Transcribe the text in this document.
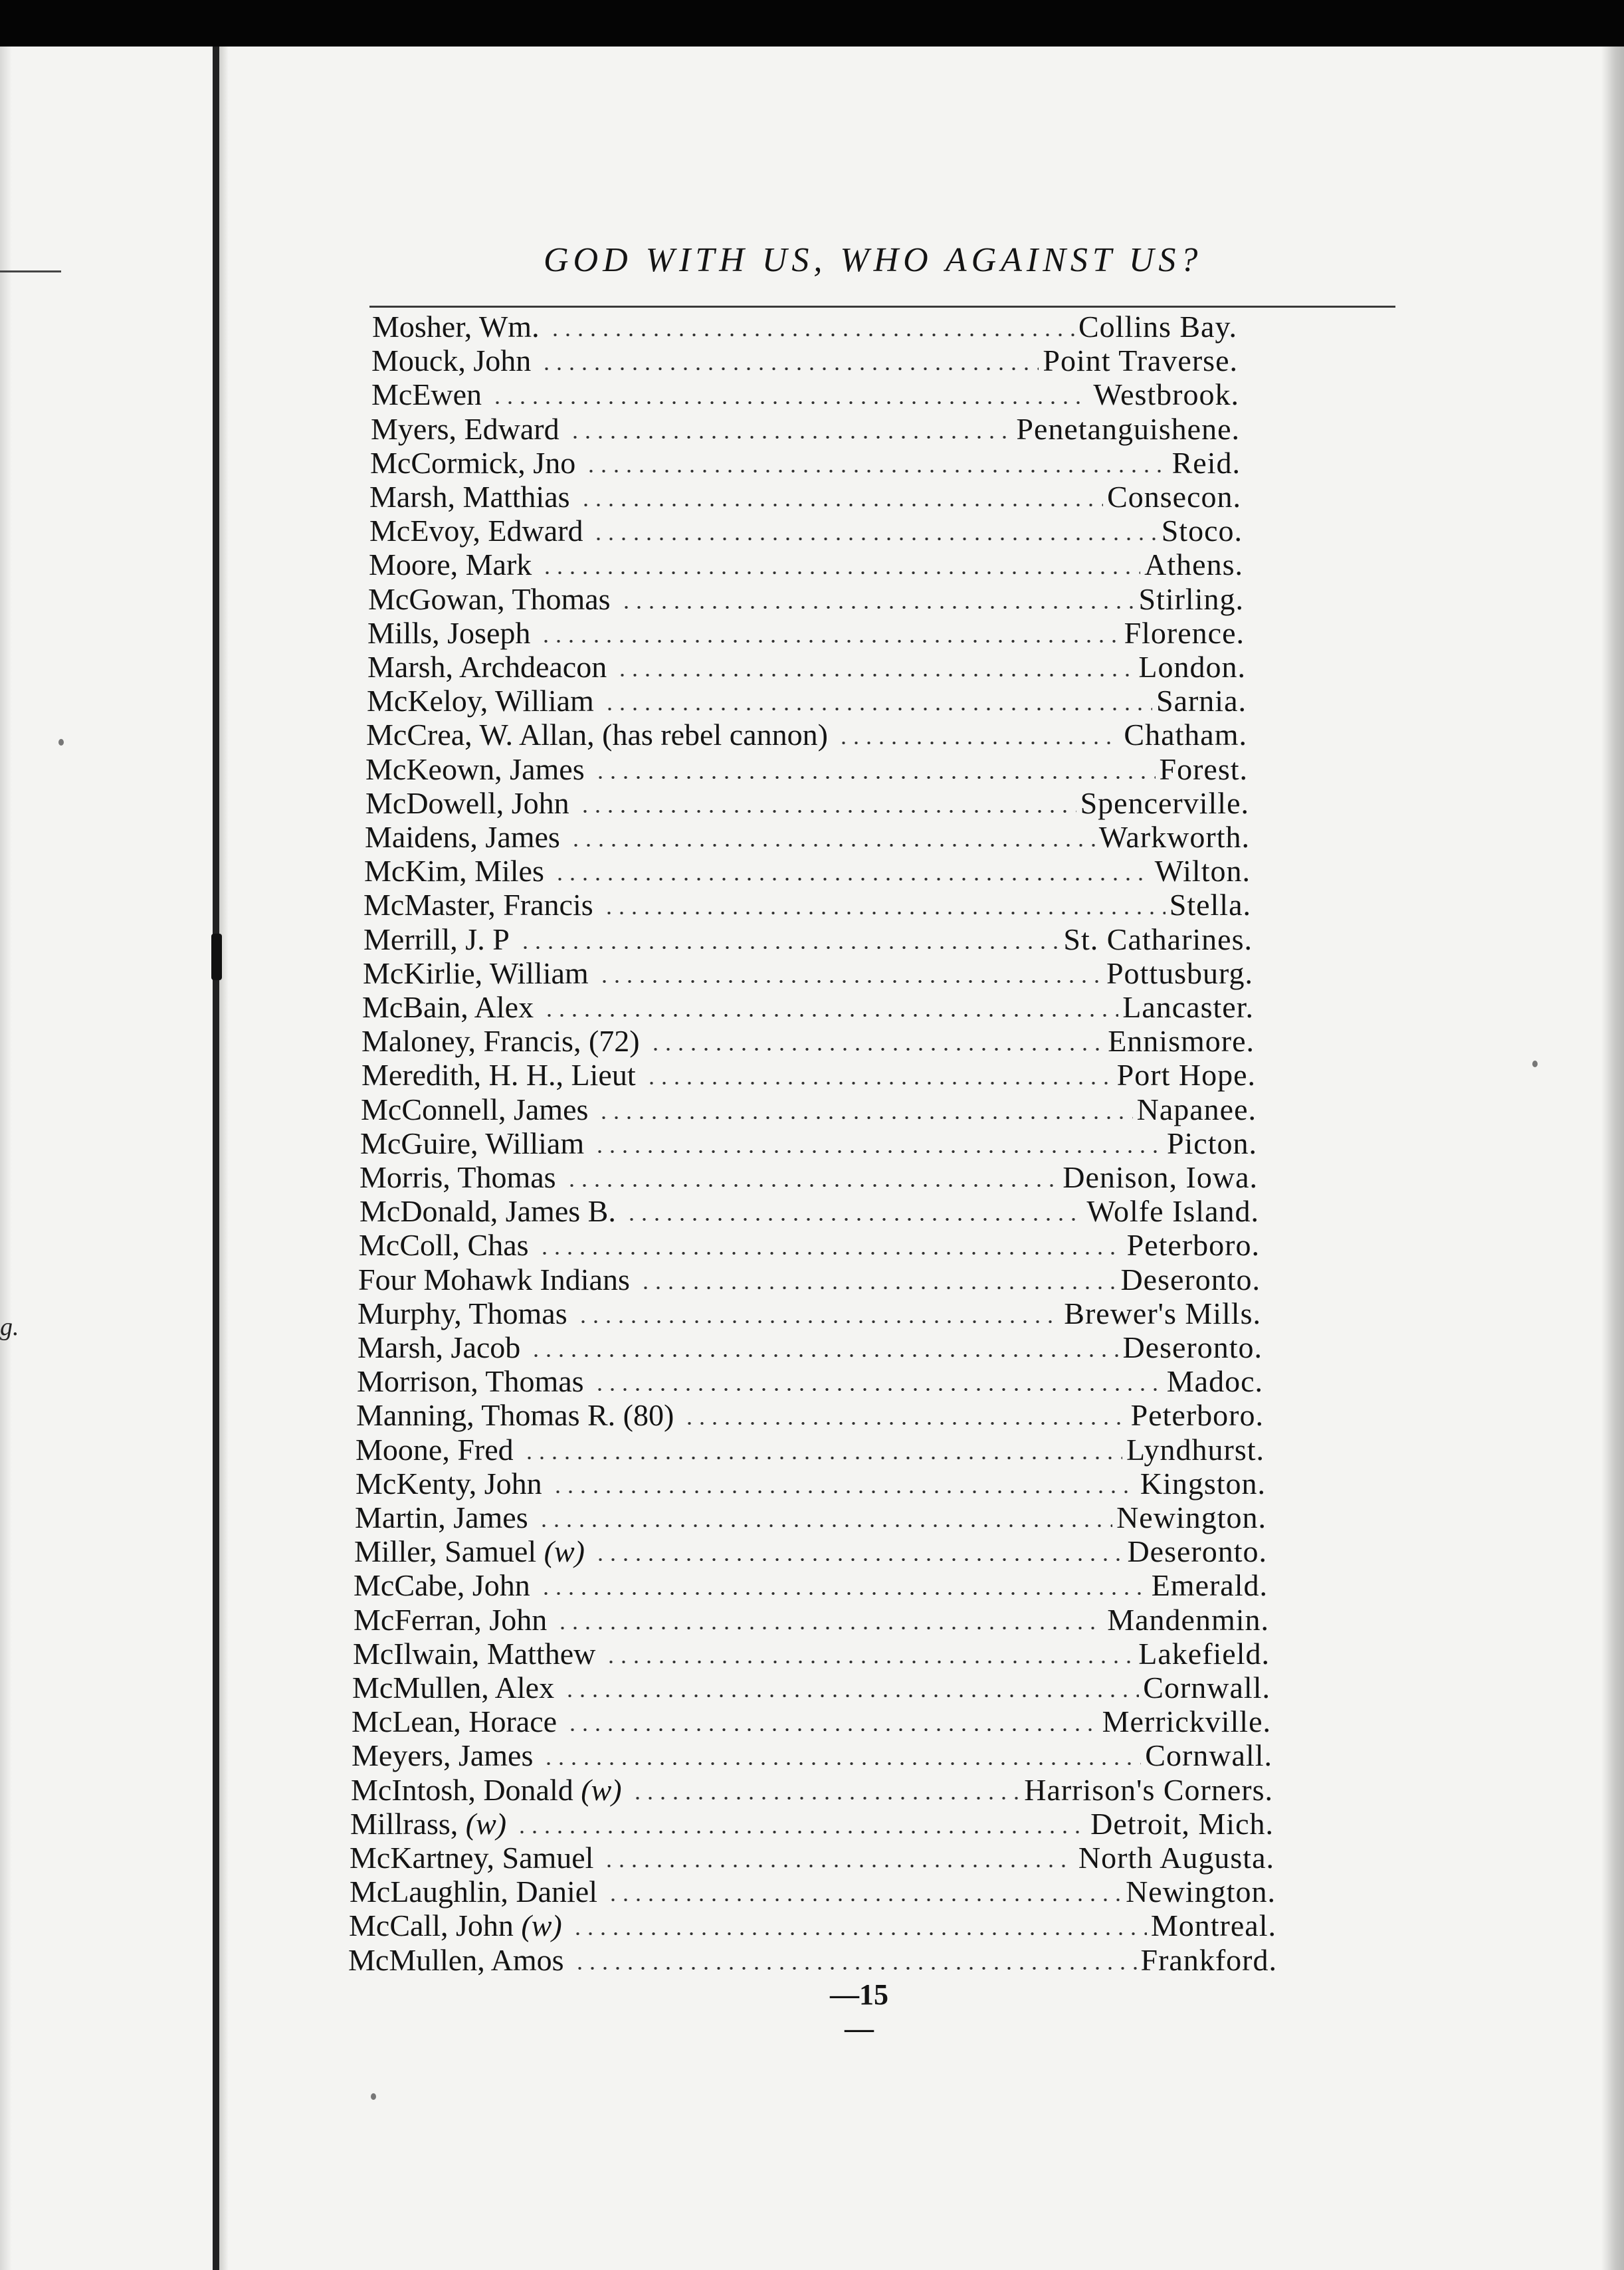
g.
GOD WITH US, WHO AGAINST US?
Mosher, Wm.	Collins Bay.
Mouck, John	Point Traverse.
McEwen	Westbrook.
Myers, Edward	Penetanguishene.
McCormick, Jno	Reid.
Marsh, Matthias	Consecon.
McEvoy, Edward	Stoco.
Moore, Mark	Athens.
McGowan, Thomas	Stirling.
Mills, Joseph	Florence.
Marsh, Archdeacon	London.
McKeloy, William	Sarnia.
McCrea, W. Allan, (has rebel cannon)	Chatham.
McKeown, James	Forest.
McDowell, John	Spencerville.
Maidens, James	Warkworth.
McKim, Miles	Wilton.
McMaster, Francis	Stella.
Merrill, J. P	St. Catharines.
McKirlie, William	Pottusburg.
McBain, Alex	Lancaster.
Maloney, Francis, (72)	Ennismore.
Meredith, H. H., Lieut	Port Hope.
McConnell, James	Napanee.
McGuire, William	Picton.
Morris, Thomas	Denison, Iowa.
McDonald, James B.	Wolfe Island.
McColl, Chas	Peterboro.
Four Mohawk Indians	Deseronto.
Murphy, Thomas	Brewer's Mills.
Marsh, Jacob	Deseronto.
Morrison, Thomas	Madoc.
Manning, Thomas R. (80)	Peterboro.
Moone, Fred	Lyndhurst.
McKenty, John	Kingston.
Martin, James	Newington.
Miller, Samuel (w)	Deseronto.
McCabe, John	Emerald.
McFerran, John	Mandenmin.
McIlwain, Matthew	Lakefield.
McMullen, Alex	Cornwall.
McLean, Horace	Merrickville.
Meyers, James	Cornwall.
McIntosh, Donald (w)	Harrison's Corners.
Millrass, (w)	Detroit, Mich.
McKartney, Samuel	North Augusta.
McLaughlin, Daniel	Newington.
McCall, John (w)	Montreal.
McMullen, Amos	Frankford.
—15—
